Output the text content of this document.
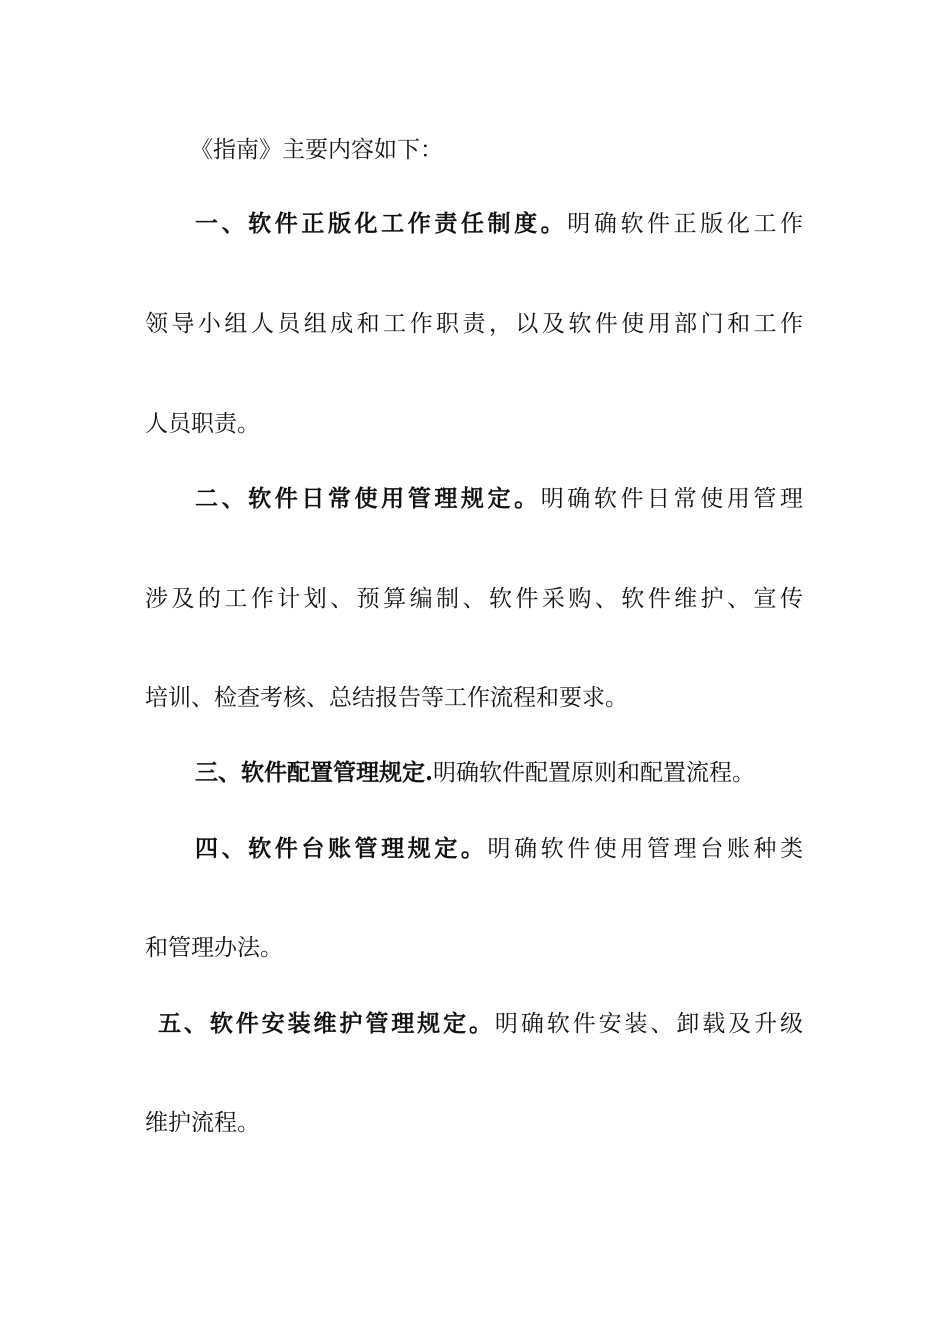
《指南》主要内容如下：
一、软件正版化工作责任制度。明确软件正版化工作
领导小组人员组成和工作职责，以及软件使用部门和工作
人员职责。
二、软件日常使用管理规定。明确软件日常使用管理
涉及的工作计划、预算编制、软件采购、软件维护、宣传
培训、检查考核、总结报告等工作流程和要求。
三、软件配置管理规定.明确软件配置原则和配置流程。
四、软件台账管理规定。明确软件使用管理台账种类
和管理办法。
五、软件安装维护管理规定。明确软件安装、卸载及升级
维护流程。
